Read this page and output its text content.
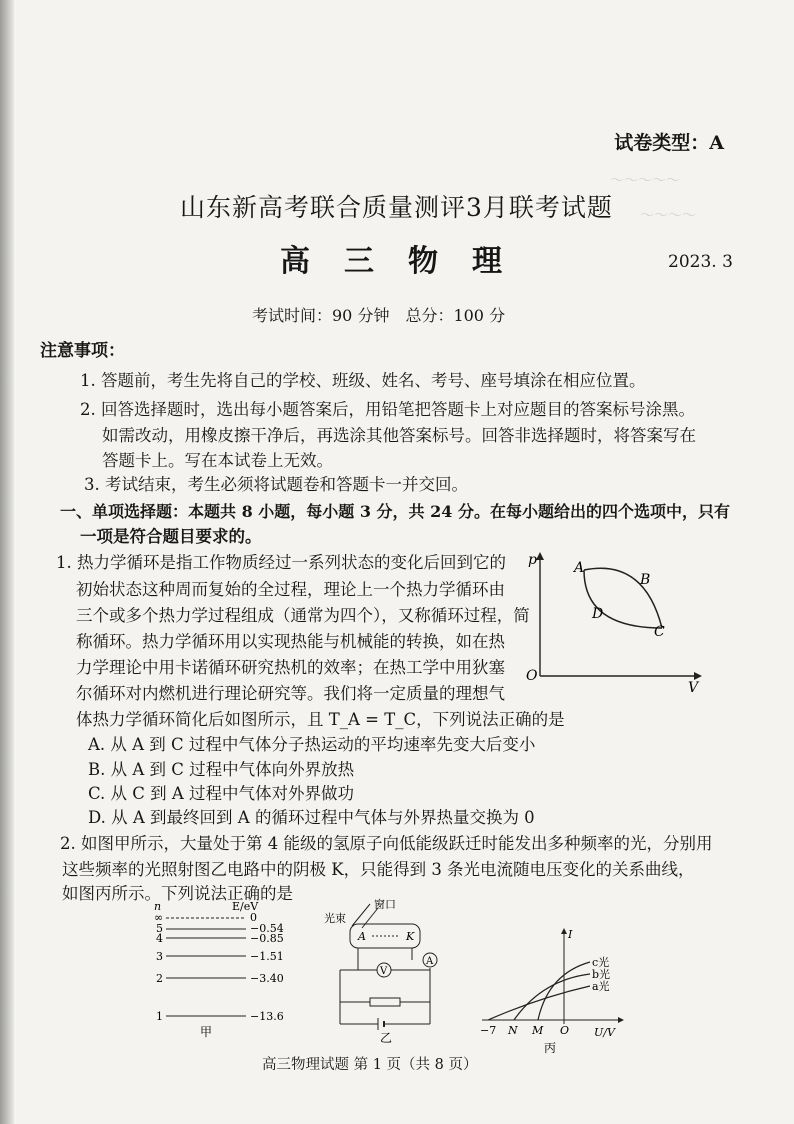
～～～～～
～～～～
试卷类型：A
山东新高考联合质量测评3月联考试题
高三物理	2023. 3
考试时间：90 分钟　总分：100 分
注意事项：
1. 答题前，考生先将自己的学校、班级、姓名、考号、座号填涂在相应位置。
2. 回答选择题时，选出每小题答案后，用铅笔把答题卡上对应题目的答案标号涂黑。
如需改动，用橡皮擦干净后，再选涂其他答案标号。回答非选择题时，将答案写在
答题卡上。写在本试卷上无效。
3. 考试结束，考生必须将试题卷和答题卡一并交回。
一、单项选择题：本题共 8 小题，每小题 3 分，共 24 分。在每小题给出的四个选项中，只有
一项是符合题目要求的。
1. 热力学循环是指工作物质经过一系列状态的变化后回到它的
初始状态这种周而复始的全过程，理论上一个热力学循环由
三个或多个热力学过程组成（通常为四个），又称循环过程，简
称循环。热力学循环用以实现热能与机械能的转换，如在热
力学理论中用卡诺循环研究热机的效率；在热工学中用狄塞
尔循环对内燃机进行理论研究等。我们将一定质量的理想气
体热力学循环简化后如图所示，且 T_A = T_C，下列说法正确的是
A. 从 A 到 C 过程中气体分子热运动的平均速率先变大后变小
B. 从 A 到 C 过程中气体向外界放热
C. 从 C 到 A 过程中气体对外界做功
D. 从 A 到最终回到 A 的循环过程中气体与外界热量交换为 0
p
V
O
A
B
C
D
2. 如图甲所示，大量处于第 4 能级的氢原子向低能级跃迁时能发出多种频率的光，分别用
这些频率的光照射图乙电路中的阴极 K，只能得到 3 条光电流随电压变化的关系曲线，
如图丙所示。下列说法正确的是
n	E/eV
∞	0
5	−0.54
4	−0.85
3	−1.51
2	−3.40
1	−13.6
甲
窗口
光束
A	K
V
A
乙
I
U/V
O
−7 N M
c光
b光
a光
丙
高三物理试题 第 1 页（共 8 页）
